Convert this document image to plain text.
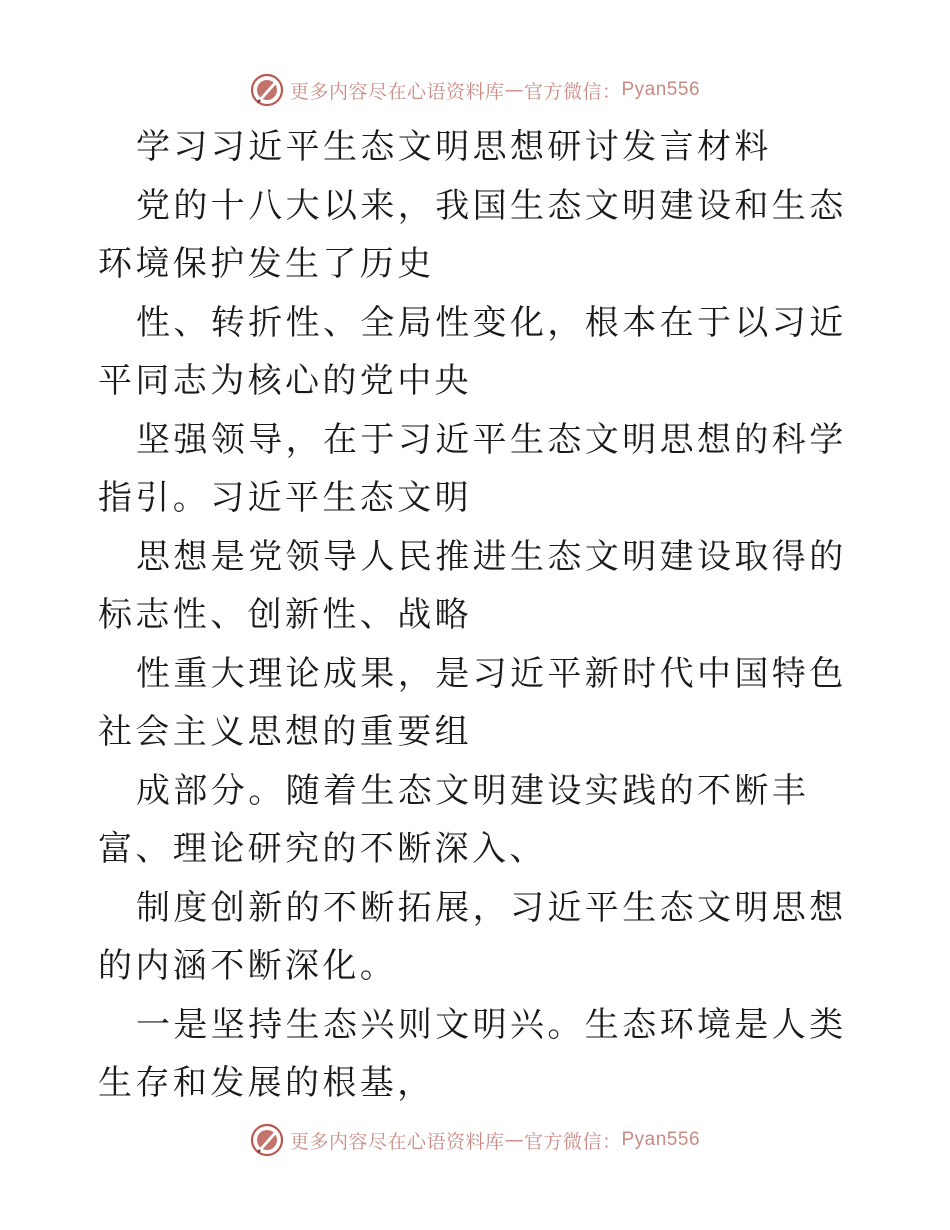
更多内容尽在心语资料库 — 官方微信： Pyan556

学习习近平生态文明思想研讨发言材料

党的十八大以来，我国生态文明建设和生态环境保护发生了历史

性、转折性、全局性变化，根本在于以习近平同志为核心的党中央

坚强领导，在于习近平生态文明思想的科学指引。习近平生态文明

思想是党领导人民推进生态文明建设取得的标志性、创新性、战略

性重大理论成果，是习近平新时代中国特色社会主义思想的重要组

成部分。随着生态文明建设实践的不断丰富、理论研究的不断深入、

制度创新的不断拓展，习近平生态文明思想的内涵不断深化。

一是坚持生态兴则文明兴。生态环境是人类生存和发展的根基，

更多内容尽在心语资料库 — 官方微信： Pyan556
